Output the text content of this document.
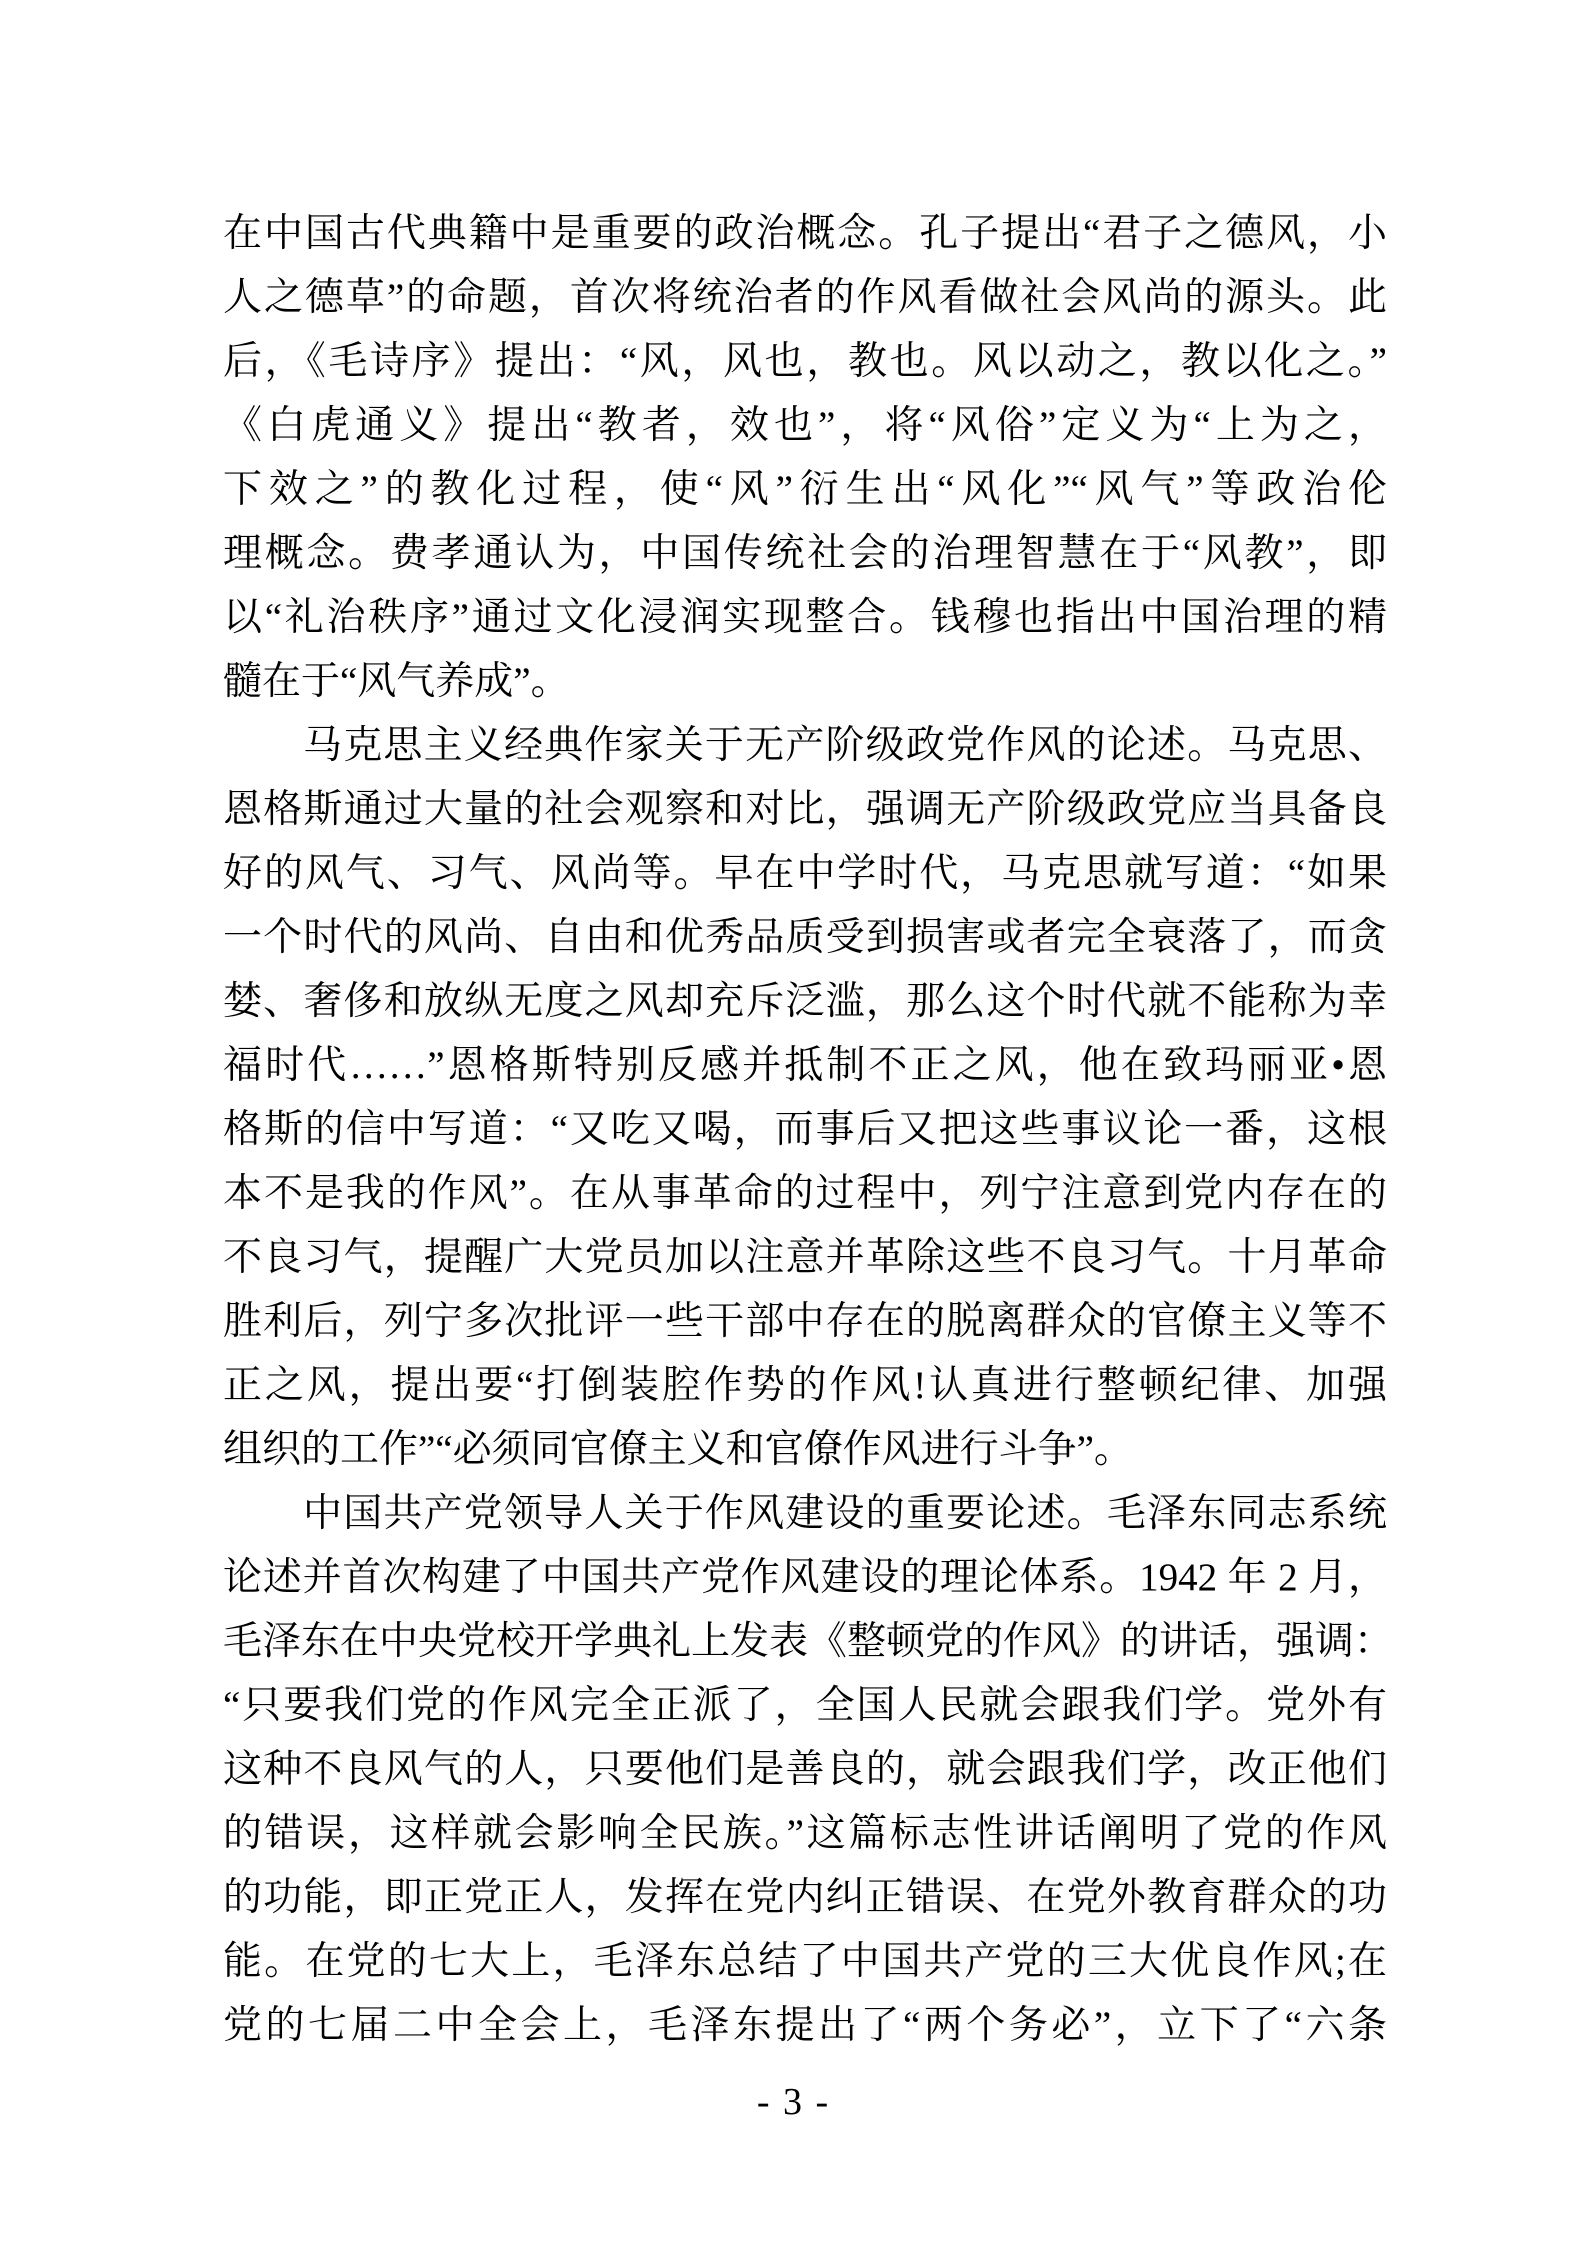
在中国古代典籍中是重要的政治概念。孔子提出“君子之德风，小
人之德草”的命题，首次将统治者的作风看做社会风尚的源头。此
后，《毛诗序》提出：“风，风也，教也。风以动之，教以化之。”
《白虎通义》提出“教者，效也”，将“风俗”定义为“上为之，
下效之”的教化过程，使“风”衍生出“风化”“风气”等政治伦
理概念。费孝通认为，中国传统社会的治理智慧在于“风教”，即
以“礼治秩序”通过文化浸润实现整合。钱穆也指出中国治理的精
髓在于“风气养成”。
马克思主义经典作家关于无产阶级政党作风的论述。马克思、
恩格斯通过大量的社会观察和对比，强调无产阶级政党应当具备良
好的风气、习气、风尚等。早在中学时代，马克思就写道：“如果
一个时代的风尚、自由和优秀品质受到损害或者完全衰落了，而贪
婪、奢侈和放纵无度之风却充斥泛滥，那么这个时代就不能称为幸
福时代……”恩格斯特别反感并抵制不正之风，他在致玛丽亚•恩
格斯的信中写道：“又吃又喝，而事后又把这些事议论一番，这根
本不是我的作风”。在从事革命的过程中，列宁注意到党内存在的
不良习气，提醒广大党员加以注意并革除这些不良习气。十月革命
胜利后，列宁多次批评一些干部中存在的脱离群众的官僚主义等不
正之风，提出要“打倒装腔作势的作风!认真进行整顿纪律、加强
组织的工作”“必须同官僚主义和官僚作风进行斗争”。
中国共产党领导人关于作风建设的重要论述。毛泽东同志系统
论述并首次构建了中国共产党作风建设的理论体系。1942 年 2 月，
毛泽东在中央党校开学典礼上发表《整顿党的作风》的讲话，强调：
“只要我们党的作风完全正派了，全国人民就会跟我们学。党外有
这种不良风气的人，只要他们是善良的，就会跟我们学，改正他们
的错误，这样就会影响全民族。”这篇标志性讲话阐明了党的作风
的功能，即正党正人，发挥在党内纠正错误、在党外教育群众的功
能。在党的七大上，毛泽东总结了中国共产党的三大优良作风;在
党的七届二中全会上，毛泽东提出了“两个务必”，立下了“六条
- 3 -
